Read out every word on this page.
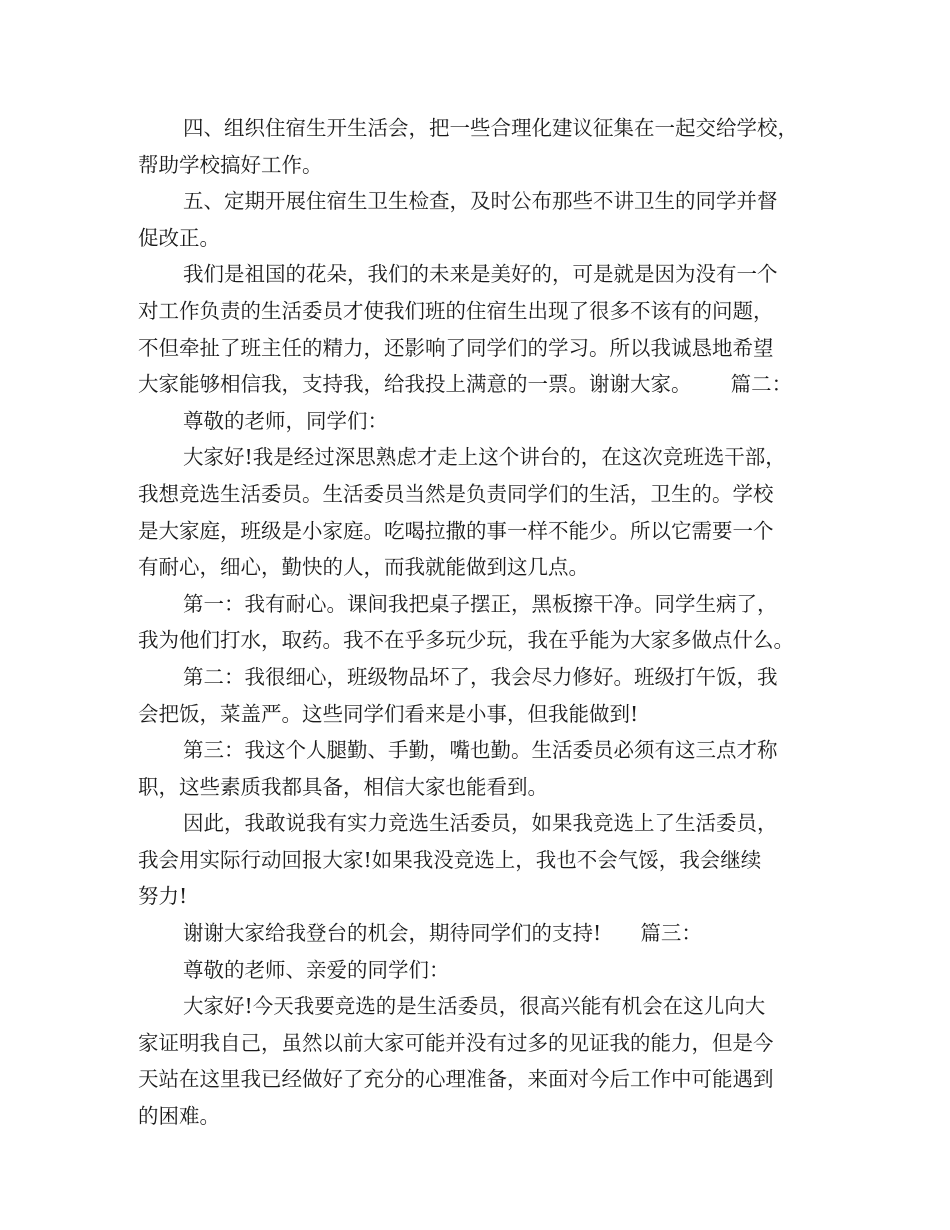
四、组织住宿生开生活会，把一些合理化建议征集在一起交给学校，
帮助学校搞好工作。
五、定期开展住宿生卫生检查，及时公布那些不讲卫生的同学并督
促改正。
我们是祖国的花朵，我们的未来是美好的，可是就是因为没有一个
对工作负责的生活委员才使我们班的住宿生出现了很多不该有的问题，
不但牵扯了班主任的精力，还影响了同学们的学习。所以我诚恳地希望
大家能够相信我，支持我，给我投上满意的一票。谢谢大家。      篇二：
尊敬的老师，同学们：
大家好!我是经过深思熟虑才走上这个讲台的，在这次竞班选干部，
我想竞选生活委员。生活委员当然是负责同学们的生活，卫生的。学校
是大家庭，班级是小家庭。吃喝拉撒的事一样不能少。所以它需要一个
有耐心，细心，勤快的人，而我就能做到这几点。
第一：我有耐心。课间我把桌子摆正，黑板擦干净。同学生病了，
我为他们打水，取药。我不在乎多玩少玩，我在乎能为大家多做点什么。
第二：我很细心，班级物品坏了，我会尽力修好。班级打午饭，我
会把饭，菜盖严。这些同学们看来是小事，但我能做到!
第三：我这个人腿勤、手勤，嘴也勤。生活委员必须有这三点才称
职，这些素质我都具备，相信大家也能看到。
因此，我敢说我有实力竞选生活委员，如果我竞选上了生活委员，
我会用实际行动回报大家!如果我没竞选上，我也不会气馁，我会继续
努力!
谢谢大家给我登台的机会，期待同学们的支持!      篇三：
尊敬的老师、亲爱的同学们：
大家好!今天我要竞选的是生活委员，很高兴能有机会在这儿向大
家证明我自己，虽然以前大家可能并没有过多的见证我的能力，但是今
天站在这里我已经做好了充分的心理准备，来面对今后工作中可能遇到
的困难。
